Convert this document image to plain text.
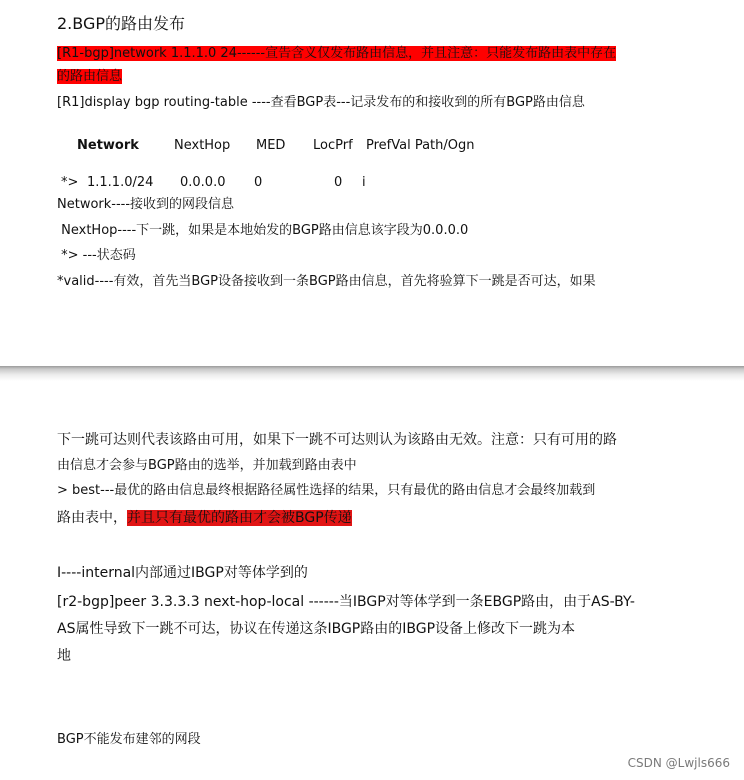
2.BGP的路由发布
[R1-bgp]network 1.1.1.0 24------宣告含义仅发布路由信息，并且注意：只能发布路由表中存在
的路由信息
[R1]display bgp routing-table ----查看BGP表---记录发布的和接收到的所有BGP路由信息
Network	NextHop MED LocPrf PrefVal Path/Ogn
*> 1.1.1.0/24 0.0.0.0 0	0 i
Network----接收到的网段信息
NextHop----下一跳，如果是本地始发的BGP路由信息该字段为0.0.0.0
*> ---状态码
*valid----有效，首先当BGP设备接收到一条BGP路由信息，首先将验算下一跳是否可达，如果
下一跳可达则代表该路由可用，如果下一跳不可达则认为该路由无效。注意：只有可用的路
由信息才会参与BGP路由的选举，并加载到路由表中
> best---最优的路由信息最终根据路径属性选择的结果，只有最优的路由信息才会最终加载到
路由表中，并且只有最优的路由才会被BGP传递
I----internal内部通过IBGP对等体学到的
[r2-bgp]peer 3.3.3.3 next-hop-local ------当IBGP对等体学到一条EBGP路由，由于AS-BY-
AS属性导致下一跳不可达，协议在传递这条IBGP路由的IBGP设备上修改下一跳为本
地
BGP不能发布建邻的网段
CSDN @Lwjls666
